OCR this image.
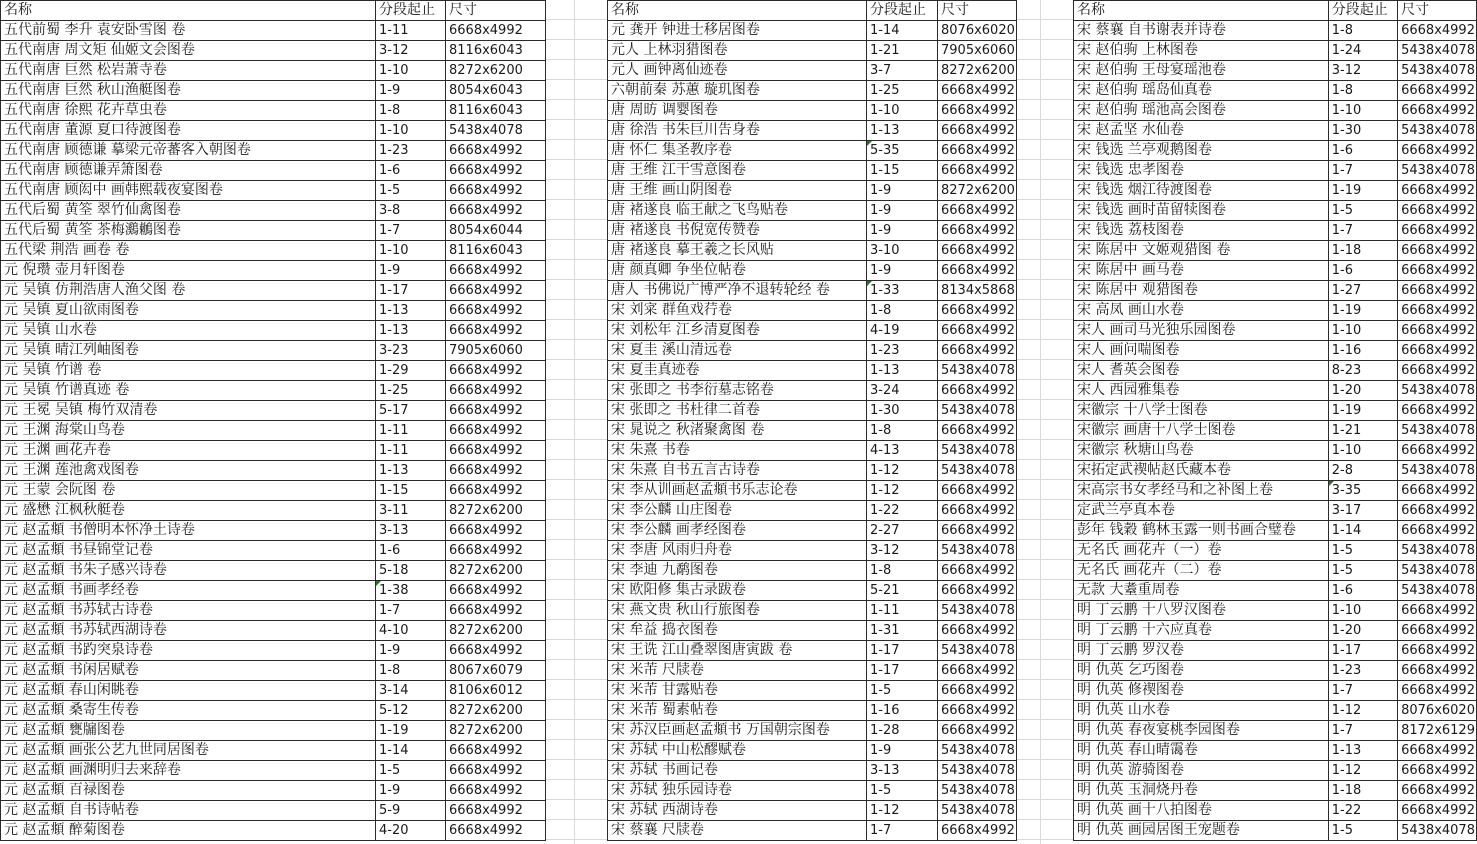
名称	分段起止	尺寸
五代前蜀 李升 袁安卧雪图 卷	1-11	6668x4992
五代南唐 周文矩 仙姬文会图卷	3-12	8116x6043
五代南唐 巨然 松岩萧寺卷	1-10	8272x6200
五代南唐 巨然 秋山渔艇图卷	1-9	8054x6043
五代南唐 徐熙 花卉草虫卷	1-8	8116x6043
五代南唐 董源 夏口待渡图卷	1-10	5438x4078
五代南唐 顾德谦 摹梁元帝蕃客入朝图卷	1-23	6668x4992
五代南唐 顾德谦弄箫图卷	1-6	6668x4992
五代南唐 顾闳中 画韩熙载夜宴图卷	1-5	6668x4992
五代后蜀 黄筌 翠竹仙禽图卷	3-8	6668x4992
五代后蜀 黄筌 茶梅鸂鶒图卷	1-7	8054x6044
五代梁 荆浩 画卷 卷	1-10	8116x6043
元 倪瓒 壶月轩图卷	1-9	6668x4992
元 吴镇 仿荆浩唐人渔父图 卷	1-17	6668x4992
元 吴镇 夏山欲雨图卷	1-13	6668x4992
元 吴镇 山水卷	1-13	6668x4992
元 吴镇 晴江列岫图卷	3-23	7905x6060
元 吴镇 竹谱 卷	1-29	6668x4992
元 吴镇 竹谱真迹 卷	1-25	6668x4992
元 王冕 吴镇 梅竹双清卷	5-17	6668x4992
元 王渊 海棠山鸟卷	1-11	6668x4992
元 王渊 画花卉卷	1-11	6668x4992
元 王渊 莲池禽戏图卷	1-13	6668x4992
元 王蒙 会阮图 卷	1-15	6668x4992
元 盛懋 江枫秋艇卷	3-11	8272x6200
元 赵孟頫 书僧明本怀净土诗卷	3-13	6668x4992
元 赵孟頫 书昼锦堂记卷	1-6	6668x4992
元 赵孟頫 书朱子感兴诗卷	5-18	8272x6200
元 赵孟頫 书画孝经卷	1-38	6668x4992
元 赵孟頫 书苏轼古诗卷	1-7	6668x4992
元 赵孟頫 书苏轼西湖诗卷	4-10	8272x6200
元 赵孟頫 书趵突泉诗卷	1-9	6668x4992
元 赵孟頫 书闲居赋卷	1-8	8067x6079
元 赵孟頫 春山闲眺卷	3-14	8106x6012
元 赵孟頫 桑寄生传卷	5-12	8272x6200
元 赵孟頫 甕牖图卷	1-19	8272x6200
元 赵孟頫 画张公艺九世同居图卷	1-14	6668x4992
元 赵孟頫 画渊明归去来辞卷	1-5	6668x4992
元 赵孟頫 百禄图卷	1-9	6668x4992
元 赵孟頫 自书诗帖卷	5-9	6668x4992
元 赵孟頫 醉菊图卷	4-20	6668x4992
名称	分段起止	尺寸
元 龚开 钟进士移居图卷	1-14	8076x6020
元人 上林羽猎图卷	1-21	7905x6060
元人 画钟离仙迹卷	3-7	8272x6200
六朝前秦 苏蕙 璇玑图卷	1-25	6668x4992
唐 周昉 调婴图卷	1-10	6668x4992
唐 徐浩 书朱巨川告身卷	1-13	6668x4992
唐 怀仁 集圣教序卷	5-35	6668x4992
唐 王维 江干雪意图卷	1-15	6668x4992
唐 王维 画山阴图卷	1-9	8272x6200
唐 褚遂良 临王献之飞鸟贴卷	1-9	6668x4992
唐 褚遂良 书倪宽传赞卷	1-9	6668x4992
唐 褚遂良 摹王羲之长风贴	3-10	6668x4992
唐 颜真卿 争坐位帖卷	1-9	6668x4992
唐人 书佛说广博严净不退转轮经 卷	1-33	8134x5868
宋 刘寀 群鱼戏荇卷	1-8	6668x4992
宋 刘松年 江乡清夏图卷	4-19	6668x4992
宋 夏圭 溪山清远卷	1-23	6668x4992
宋 夏圭真迹卷	1-13	5438x4078
宋 张即之 书李衍墓志铭卷	3-24	6668x4992
宋 张即之 书杜律二首卷	1-30	5438x4078
宋 晁说之 秋渚聚禽图 卷	1-8	6668x4992
宋 朱熹 书卷	4-13	5438x4078
宋 朱熹 自书五言古诗卷	1-12	5438x4078
宋 李从训画赵孟頫书乐志论卷	1-12	6668x4992
宋 李公麟 山庄图卷	1-22	6668x4992
宋 李公麟 画孝经图卷	2-27	6668x4992
宋 李唐 风雨归舟卷	3-12	5438x4078
宋 李迪 九鹬图卷	1-8	6668x4992
宋 欧阳修 集古录跋卷	5-21	6668x4992
宋 燕文贵 秋山行旅图卷	1-11	5438x4078
宋 牟益 捣衣图卷	1-31	6668x4992
宋 王诜 江山叠翠图唐寅跋 卷	1-17	5438x4078
宋 米芾 尺牍卷	1-17	6668x4992
宋 米芾 甘露贴卷	1-5	6668x4992
宋 米芾 蜀素帖卷	1-16	6668x4992
宋 苏汉臣画赵孟頫书 万国朝宗图卷	1-28	6668x4992
宋 苏轼 中山松醪赋卷	1-9	5438x4078
宋 苏轼 书画记卷	3-13	5438x4078
宋 苏轼 独乐园诗卷	1-5	5438x4078
宋 苏轼 西湖诗卷	1-12	5438x4078
宋 蔡襄 尺牍卷	1-7	6668x4992
名称	分段起止	尺寸
宋 蔡襄 自书谢表并诗卷	1-8	6668x4992
宋 赵伯驹 上林图卷	1-24	5438x4078
宋 赵伯驹 王母宴瑶池卷	3-12	5438x4078
宋 赵伯驹 瑶岛仙真卷	1-8	6668x4992
宋 赵伯驹 瑶池高会图卷	1-10	6668x4992
宋 赵孟坚 水仙卷	1-30	5438x4078
宋 钱选 兰亭观鹅图卷	1-6	6668x4992
宋 钱选 忠孝图卷	1-7	5438x4078
宋 钱选 烟江待渡图卷	1-19	6668x4992
宋 钱选 画时苗留犊图卷	1-5	6668x4992
宋 钱选 荔枝图卷	1-7	6668x4992
宋 陈居中 文姬观猎图 卷	1-18	6668x4992
宋 陈居中 画马卷	1-6	6668x4992
宋 陈居中 观猎图卷	1-27	6668x4992
宋 高凤 画山水卷	1-19	6668x4992
宋人 画司马光独乐园图卷	1-10	6668x4992
宋人 画问喘图卷	1-16	6668x4992
宋人 耆英会图卷	8-23	6668x4992
宋人 西园雅集卷	1-20	5438x4078
宋徽宗 十八学士图卷	1-19	6668x4992
宋徽宗 画唐十八学士图卷	1-21	5438x4078
宋徽宗 秋塘山鸟卷	1-10	6668x4992
宋拓定武禊帖赵氏藏本卷	2-8	5438x4078
宋高宗书女孝经马和之补图上卷	3-35	6668x4992
定武兰亭真本卷	3-17	6668x4992
彭年 钱穀 鹤林玉露一则书画合璧卷	1-14	6668x4992
无名氏 画花卉（一）卷	1-5	5438x4078
无名氏 画花卉（二）卷	1-5	5438x4078
无款 大耋重周卷	1-6	5438x4078
明 丁云鹏 十八罗汉图卷	1-10	6668x4992
明 丁云鹏 十六应真卷	1-20	6668x4992
明 丁云鹏 罗汉卷	1-17	6668x4992
明 仇英 乞巧图卷	1-23	6668x4992
明 仇英 修禊图卷	1-7	6668x4992
明 仇英 山水卷	1-12	8076x6020
明 仇英 春夜宴桃李园图卷	1-7	8172x6129
明 仇英 春山晴霭卷	1-13	6668x4992
明 仇英 游骑图卷	1-12	6668x4992
明 仇英 玉洞烧丹卷	1-18	6668x4992
明 仇英 画十八拍图卷	1-22	6668x4992
明 仇英 画园居图王宠题卷	1-5	5438x4078
